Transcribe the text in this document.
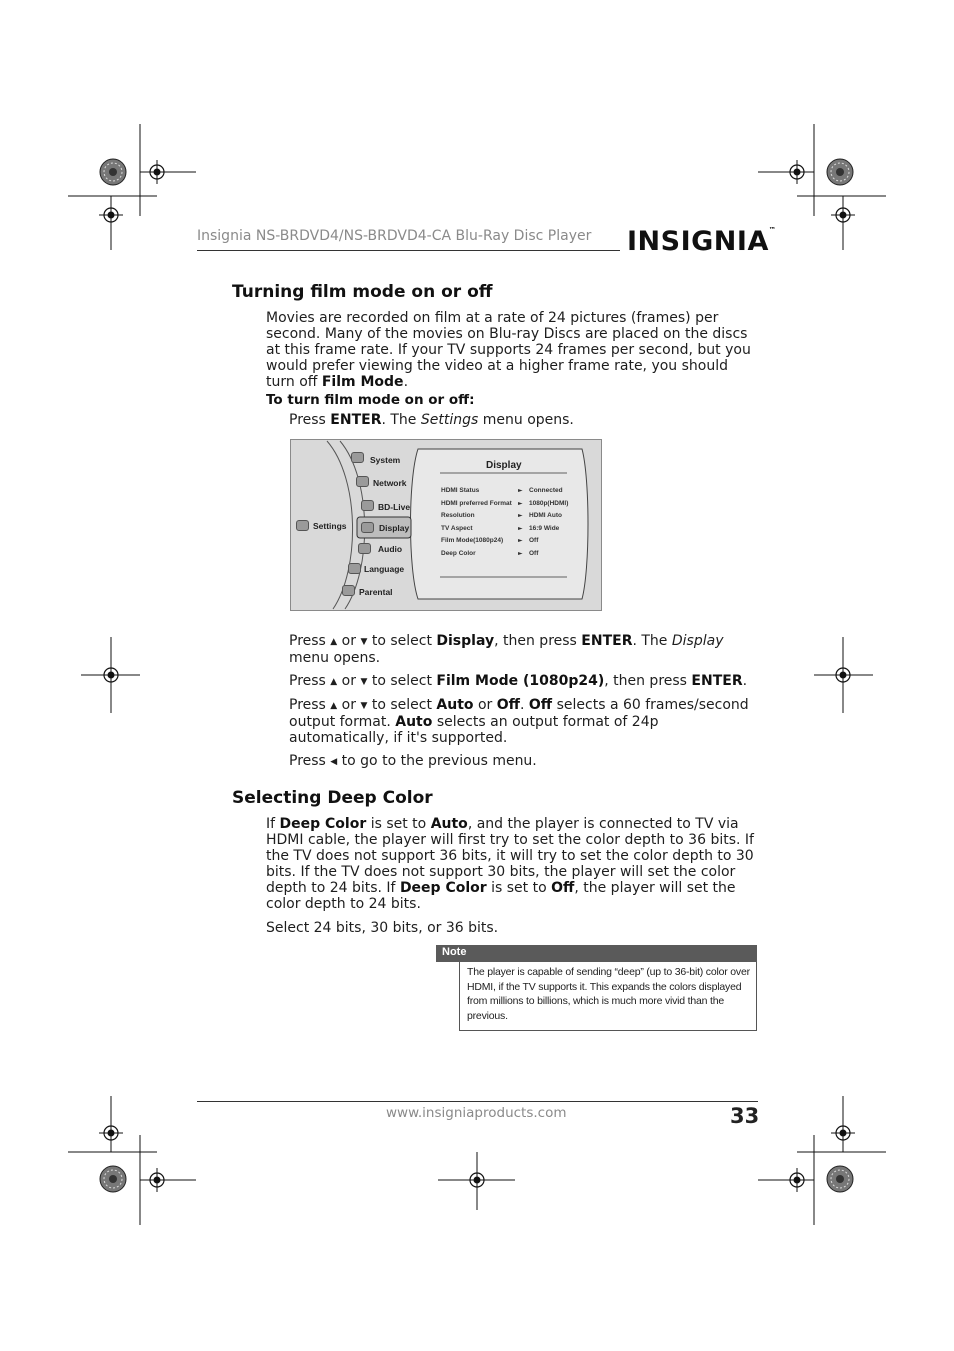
Insignia NS-BRDVD4/NS-BRDVD4-CA Blu-Ray Disc Player INSIGNIA™
Turning film mode on or off

Movies are recorded on film at a rate of 24 pictures (frames) per second. Many of the movies on Blu-ray Discs are placed on the discs at this frame rate. If your TV supports 24 frames per second, but you would prefer viewing the video at a higher frame rate, you should turn off Film Mode.

To turn film mode on or off:

Press ENTER. The Settings menu opens.

Settings
System
Network
BD-Live
Display
Audio
Language
Parental
Display
HDMI Status	► Connected
HDMI preferred Format ► 1080p(HDMI)
Resolution	► HDMI Auto
TV Aspect	► 16:9 Wide
Film Mode(1080p24) ► Off
Deep Color	► Off

Press ▲ or ▼ to select Display, then press ENTER. The Display menu opens.

Press ▲ or ▼ to select Film Mode (1080p24), then press ENTER.

Press ▲ or ▼ to select Auto or Off. Off selects a 60 frames/second output format. Auto selects an output format of 24p automatically, if it's supported.

Press ◀ to go to the previous menu.

Selecting Deep Color

If Deep Color is set to Auto, and the player is connected to TV via HDMI cable, the player will first try to set the color depth to 36 bits. If the TV does not support 36 bits, it will try to set the color depth to 30 bits. If the TV does not support 30 bits, the player will set the color depth to 24 bits. If Deep Color is set to Off, the player will set the color depth to 24 bits.

Select 24 bits, 30 bits, or 36 bits.

Note
The player is capable of sending “deep” (up to 36-bit) color over HDMI, if the TV supports it. This expands the colors displayed from millions to billions, which is much more vivid than the previous.
www.insigniaproducts.com	33
